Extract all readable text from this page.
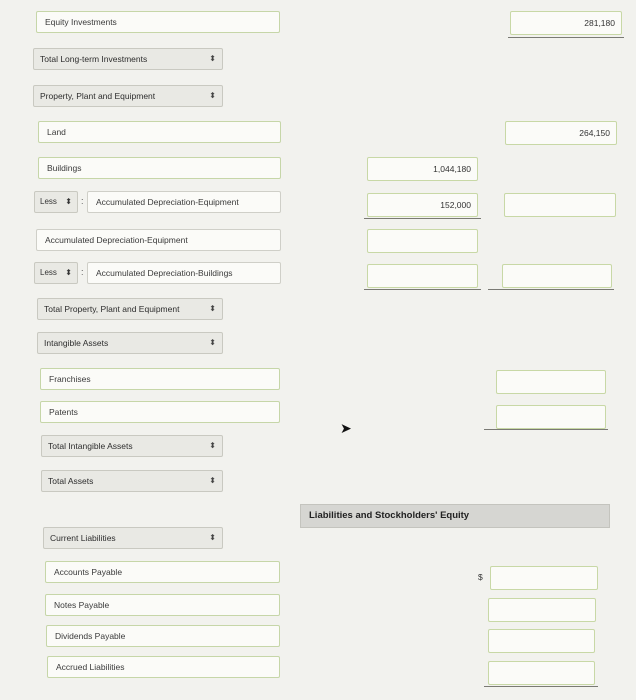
Equity Investments	281,180
Total Long-term Investments	⬍
Property, Plant and Equipment	⬍
Land	264,150
Buildings	1,044,180
Less ⬍ :	Accumulated Depreciation-Equipment	152,000
Accumulated Depreciation-Equipment
Less ⬍ :	Accumulated Depreciation-Buildings
Total Property, Plant and Equipment	⬍
Intangible Assets	⬍
Franchises
Patents
➤
Total Intangible Assets	⬍
Total Assets	⬍
Liabilities and Stockholders' Equity
Current Liabilities	⬍
Accounts Payable	$
Notes Payable
Dividends Payable
Accrued Liabilities
